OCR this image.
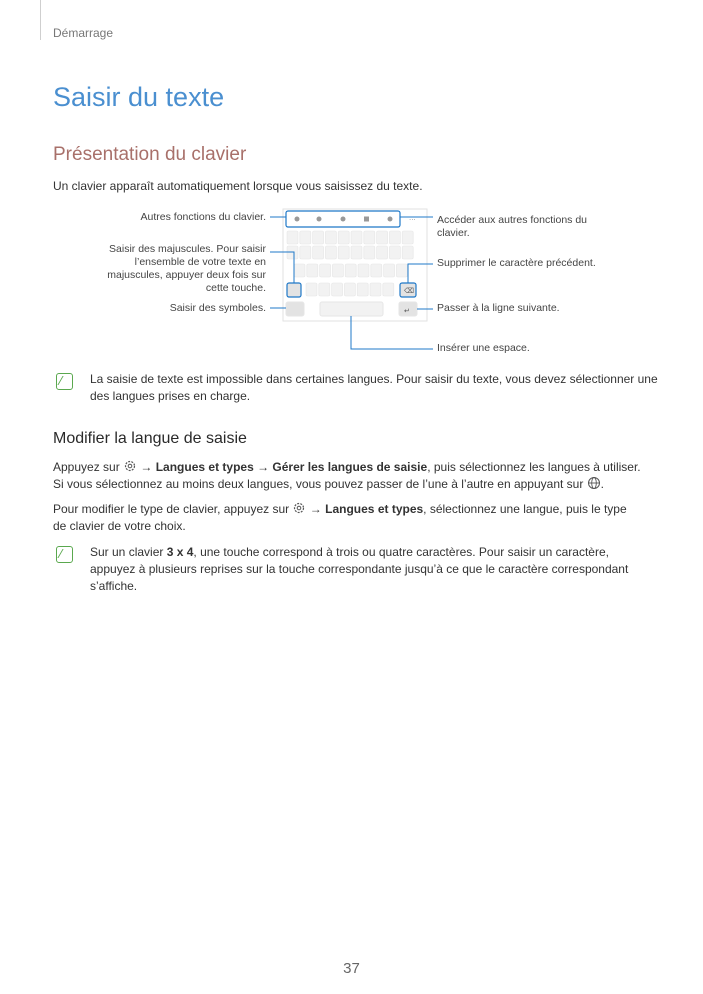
Démarrage
Saisir du texte
Présentation du clavier
Un clavier apparaît automatiquement lorsque vous saisissez du texte.
···
⌫
↵
Autres fonctions du clavier.
Saisir des majuscules. Pour saisir
l’ensemble de votre texte en
majuscules, appuyer deux fois sur
cette touche.
Saisir des symboles.
Accéder aux autres fonctions du
clavier.
Supprimer le caractère précédent.
Passer à la ligne suivante.
Insérer une espace.
La saisie de texte est impossible dans certaines langues. Pour saisir du texte, vous devez sélectionner une des langues prises en charge.
Modifier la langue de saisie
Appuyez sur  → Langues et types → Gérer les langues de saisie, puis sélectionnez les langues à utiliser.
Si vous sélectionnez au moins deux langues, vous pouvez passer de l’une à l’autre en appuyant sur .
Pour modifier le type de clavier, appuyez sur  → Langues et types, sélectionnez une langue, puis le type
de clavier de votre choix.
Sur un clavier 3 x 4, une touche correspond à trois ou quatre caractères. Pour saisir un caractère,
appuyez à plusieurs reprises sur la touche correspondante jusqu’à ce que le caractère correspondant
s’affiche.
37
